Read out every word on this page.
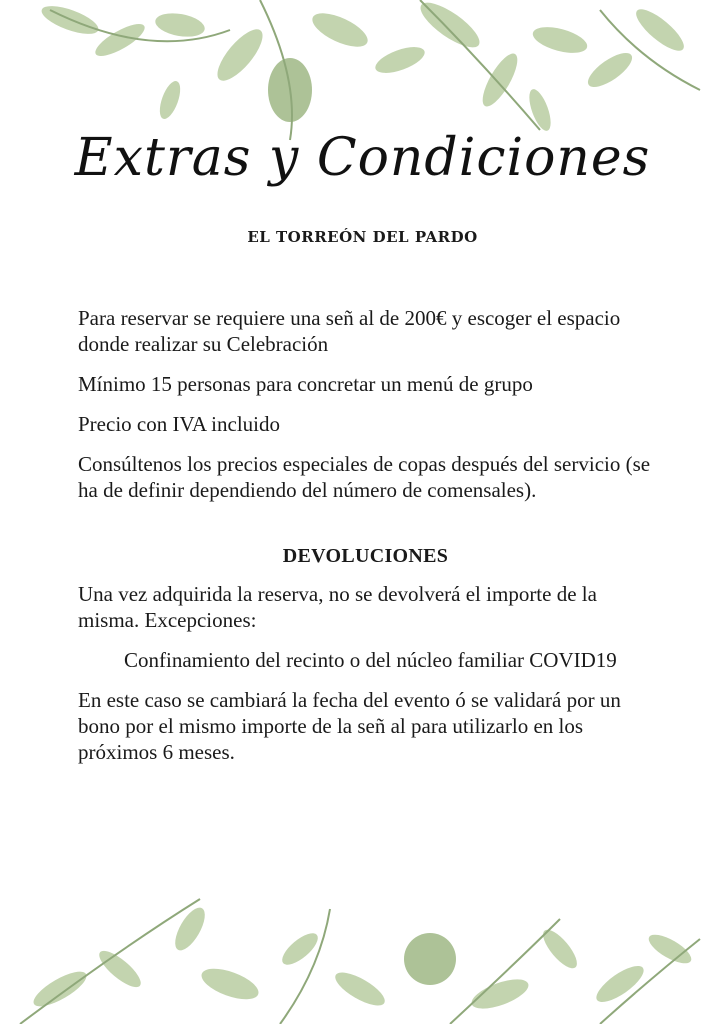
Extras y Condiciones
EL TORREÓN DEL PARDO

Para reservar se requiere una señ al de 200€ y escoger el espacio donde realizar su Celebración

Mínimo 15 personas para concretar un menú de grupo

Precio con IVA incluido

Consúltenos los precios especiales de copas después del servicio (se ha de definir dependiendo del número de comensales).

DEVOLUCIONES

Una vez adquirida la reserva, no se devolverá el importe de la misma. Excepciones:

Confinamiento del recinto o del núcleo familiar COVID19

En este caso se cambiará la fecha del evento ó se validará por un bono por el mismo importe de la señ al para utilizarlo en los próximos 6 meses.
